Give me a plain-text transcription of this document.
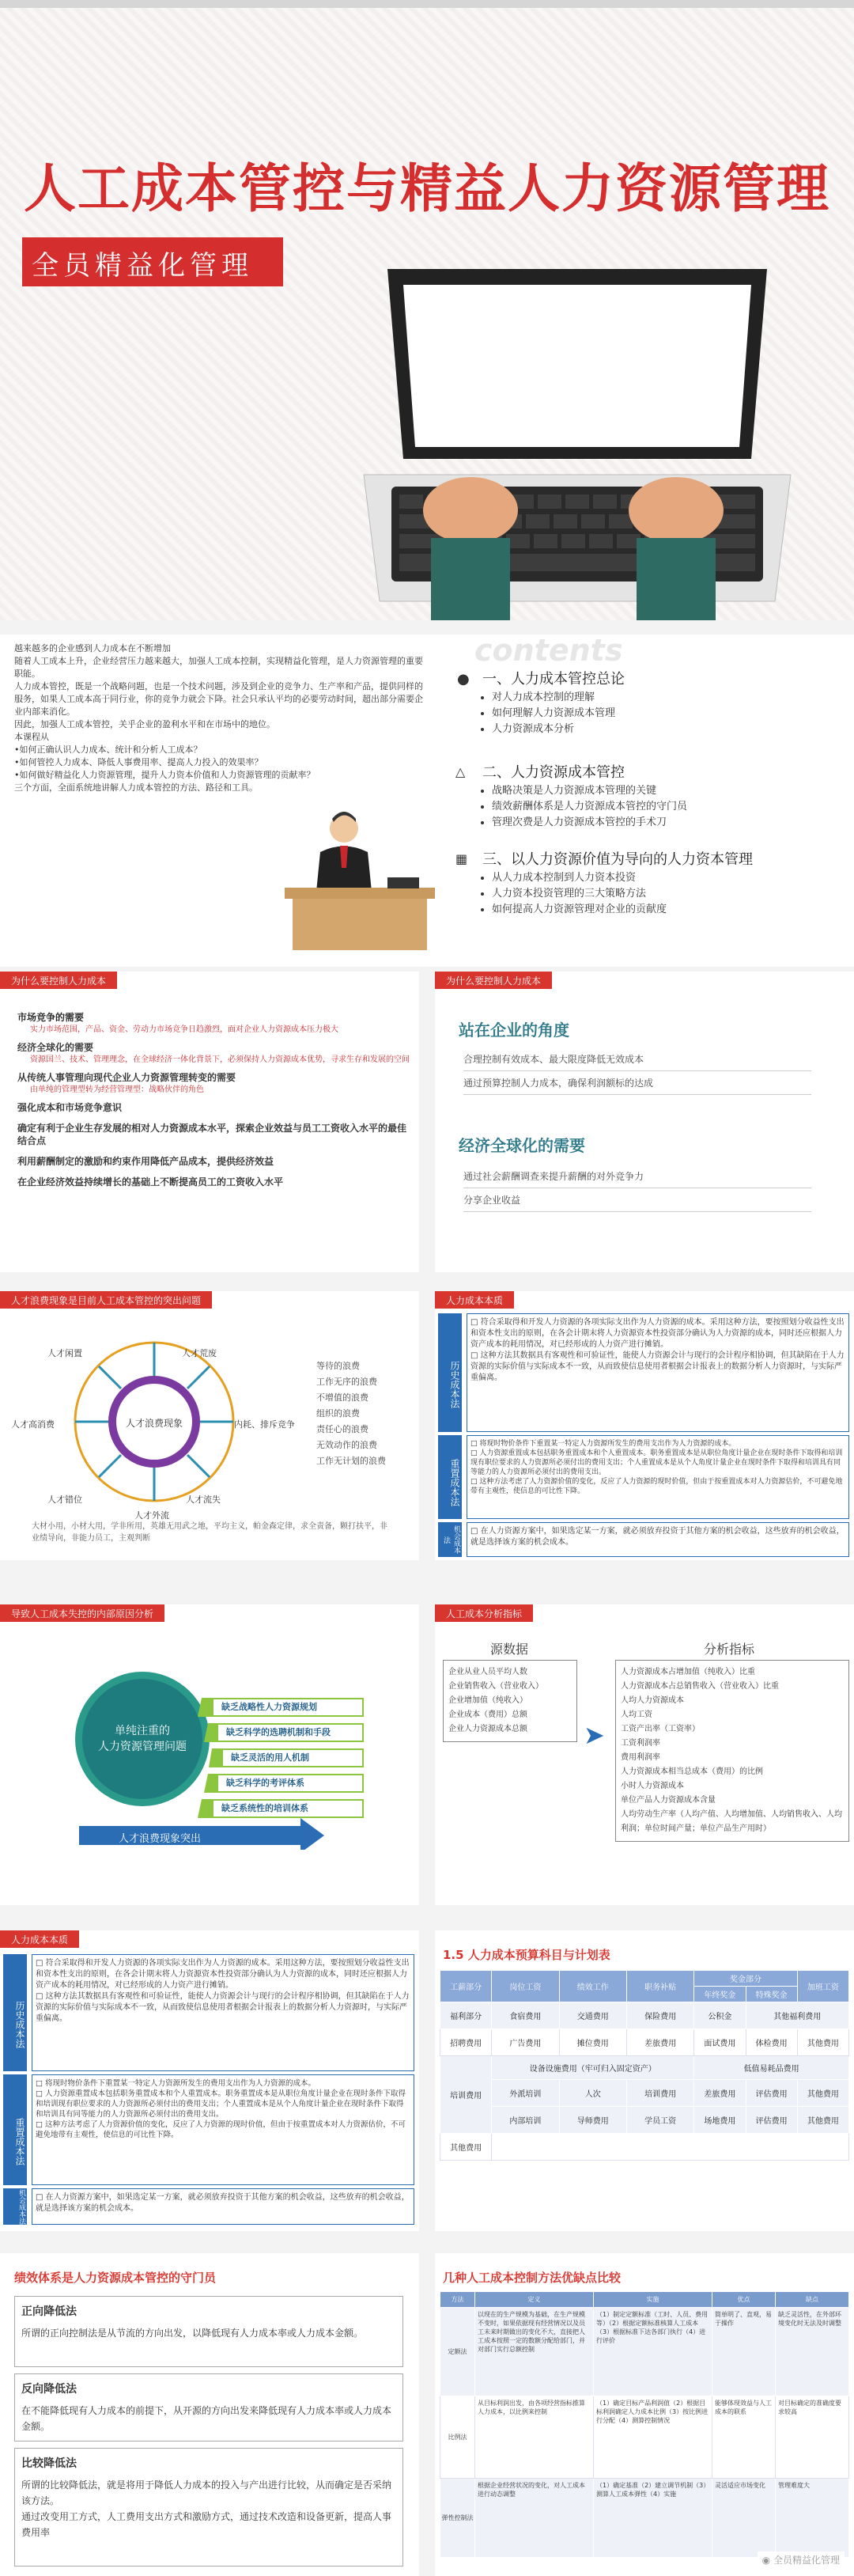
人工成本管控与精益人力资源管理
全员精益化管理

越来越多的企业感到人力成本在不断增加

随着人工成本上升，企业经营压力越来越大，加强人工成本控制，实现精益化管理，是人力资源管理的重要职能。

人力成本管控，既是一个战略问题，也是一个技术问题，涉及到企业的竞争力、生产率和产品，提供同样的服务，如果人工成本高于同行业，你的竞争力就会下降。社会只承认平均的必要劳动时间，超出部分需要企业内部来消化。

因此，加强人工成本管控，关乎企业的盈利水平和在市场中的地位。

本课程从

•如何正确认识人力成本、统计和分析人工成本？

•如何管控人力成本、降低人事费用率、提高人力投入的效果率？

•如何做好精益化人力资源管理，提升人力资本价值和人力资源管理的贡献率？

三个方面，全面系统地讲解人力成本管控的方法、路径和工具。

contents
● 一、人力成本管控总论
• 对人力成本控制的理解
• 如何理解人力资源成本管理
• 人力资源成本分析
△ 二、人力资源成本管控
• 战略决策是人力资源成本管理的关键
• 绩效薪酬体系是人力资源成本管控的守门员
• 管理次费是人力资源成本管控的手术刀
▦ 三、以人力资源价值为导向的人力资本管理
• 从人力成本控制到人力资本投资
• 人力资本投资管理的三大策略方法
• 如何提高人力资源管理对企业的贡献度
为什么要控制人力成本
市场竞争的需要
实力市场范围，产品、资金、劳动力市场竞争日趋激烈，面对企业人力资源成本压力极大
经济全球化的需要
资源国兰、技术、管理理念，在全球经济一体化背景下，必须保持人力资源成本优势，寻求生存和发展的空间
从传统人事管理向现代企业人力资源管理转变的需要
由单纯的管理型转为经营管理型：战略伙伴的角色
强化成本和市场竞争意识
确定有利于企业生存发展的相对人力资源成本水平，探索企业效益与员工工资收入水平的最佳结合点
利用薪酬制定的激励和约束作用降低产品成本，提供经济效益
在企业经济效益持续增长的基础上不断提高员工的工资收入水平
为什么要控制人力成本
站在企业的角度
合理控制有效成本、最大限度降低无效成本
通过预算控制人力成本，确保利润额标的达成
经济全球化的需要
通过社会薪酬调查来提升薪酬的对外竞争力
分享企业收益
人才浪费现象是目前人工成本管控的突出问题
人才浪费现象
人才闲置	人才荒废
人才高消费	内耗、排斥竞争
人才错位	人才流失
人才外流
等待的浪费
工作无序的浪费
不增值的浪费
组织的浪费
责任心的浪费
无效动作的浪费
工作无计划的浪费
大材小用，小材大用，学非所用，英雄无用武之地，平均主义，帕金森定律，求全责备，颗打扶平，非业绩导向，非能力员工，主观判断
人力成本本质
历史成本法

□ 符合采取得和开发人力资源的各项实际支出作为人力资源的成本。采用这种方法，要按照划分收益性支出和资本性支出的原则，在各会计期末将人力资源资本性投资部分确认为人力资源的成本，同时还应根据人力资产成本的耗用情况，对已经形成的人力资产进行摊销。

□ 这种方法其数据具有客观性和可验证性，能使人力资源会计与现行的会计程序相协调，但其缺陷在于人力资源的实际价值与实际成本不一致，从而致使信息使用者根据会计报表上的数据分析人力资源时，与实际严重偏离。

重置成本法

□ 将现时物价条件下重置某一特定人力资源所发生的费用支出作为人力资源的成本。

□ 人力资源重置成本包括职务重置成本和个人重置成本。职务重置成本是从职位角度计量企业在现时条件下取得和培训现有职位要求的人力资源所必须付出的费用支出；个人重置成本是从个人角度计量企业在现时条件下取得和培训具有同等能力的人力资源所必须付出的费用支出。

□ 这种方法考虑了人力资源价值的变化，反应了人力资源的现时价值，但由于按重置成本对人力资源估价，不可避免地带有主观性，使信息的可比性下降。

机会成本法

□ 在人力资源方案中，如果选定某一方案，就必须放弃投资于其他方案的机会收益，这些放弃的机会收益，就是选择该方案的机会成本。

导致人工成本失控的内部原因分析
单纯注重的
人力资源管理问题
缺乏战略性人力资源规划
缺乏科学的选聘机制和手段
缺乏灵活的用人机制
缺乏科学的考评体系
缺乏系统性的培训体系
人才浪费现象突出
人工成本分析指标
源数据	分析指标
企业从业人员平均人数
企业销售收入（营业收入）
企业增加值（纯收入）
企业成本（费用）总额
企业人力资源成本总额	➤
人力资源成本占增加值（纯收入）比重
人力资源成本占总销售收入（营业收入）比重
人均人力资源成本
人均工资
工资产出率（工资率）
工资利润率
费用利润率
人力资源成本相当总成本（费用）的比例
小时人力资源成本
单位产品人力资源成本含量
人均劳动生产率（人均产值、人均增加值、人均销售收入、人均利润；单位时间产量；单位产品生产用时）
人力成本本质
历史成本法

□ 符合采取得和开发人力资源的各项实际支出作为人力资源的成本。采用这种方法，要按照划分收益性支出和资本性支出的原则，在各会计期末将人力资源资本性投资部分确认为人力资源的成本，同时还应根据人力资产成本的耗用情况，对已经形成的人力资产进行摊销。

□ 这种方法其数据具有客观性和可验证性，能使人力资源会计与现行的会计程序相协调，但其缺陷在于人力资源的实际价值与实际成本不一致，从而致使信息使用者根据会计报表上的数据分析人力资源时，与实际严重偏离。

重置成本法

□ 将现时物价条件下重置某一特定人力资源所发生的费用支出作为人力资源的成本。

□ 人力资源重置成本包括职务重置成本和个人重置成本。职务重置成本是从职位角度计量企业在现时条件下取得和培训现有职位要求的人力资源所必须付出的费用支出；个人重置成本是从个人角度计量企业在现时条件下取得和培训具有同等能力的人力资源所必须付出的费用支出。

□ 这种方法考虑了人力资源价值的变化，反应了人力资源的现时价值，但由于按重置成本对人力资源估价，不可避免地带有主观性，使信息的可比性下降。

机会成本法 □ 在人力资源方案中，如果选定某一方案，就必须放弃投资于其他方案的机会收益，这些放弃的机会收益，就是选择该方案的机会成本。

1.5 人力成本预算科目与计划表
工薪部分	岗位工资	绩效工作	职务补贴	奖金部分		加班工资
				年终奖金	特殊奖金	
福利部分	食宿费用	交通费用	保险费用	公积金	其他福利费用	
招聘费用	广告费用	摊位费用	差旅费用	面试费用	体检费用	其他费用
培训费用	设备设施费用（牢可归入固定资产）			低值易耗品费用		
	外派培训	人次	培训费用	差旅费用	评估费用	其他费用
	内部培训	导师费用	学员工资	场地费用	评估费用	其他费用
其他费用						
绩效体系是人力资源成本管控的守门员
正向降低法
所谓的正向控制法是从节流的方向出发，以降低现有人力成本率或人力成本金额。
反向降低法
在不能降低现有人力成本的前提下，从开源的方向出发来降低现有人力成本率或人力成本金额。
比较降低法
所谓的比较降低法，就是将用于降低人力成本的投入与产出进行比较，从而确定是否采纳该方法。
通过改变用工方式，人工费用支出方式和激励方式，通过技术改造和设备更新，提高人事费用率
几种人工成本控制方法优缺点比较
方法	定义	实施	优点	缺点
定额法	以现在的生产规模为基础，在生产规模不变时，如果依据现有经营情况以及员工未来时期做出的变化不大，直接把人工成本按照一定的数额分配给部门，并对部门实行总额控制	（1）制定定额标准（工时、人员、费用等）（2）根据定额标准核算人工成本（3）根据标准下达各部门执行（4）进行评价	简单明了、直观，易于操作	缺乏灵活性，在外部环境变化时无法及时调整
比例法	从目标利润出发，由各项经营指标推算人力成本，以比例来控制	（1）确定目标产品利润值（2）根据目标利润确定人力成本比例（3）按比例进行分配（4）测算控制情况	能够体现效益与人工成本的联系	对目标确定的准确度要求较高
弹性控制法	根据企业经营状况的变化，对人工成本进行动态调整	（1）确定基准（2）建立调节机制（3）测算人工成本弹性（4）实施	灵活适应市场变化	管理难度大
◉ 全员精益化管理
